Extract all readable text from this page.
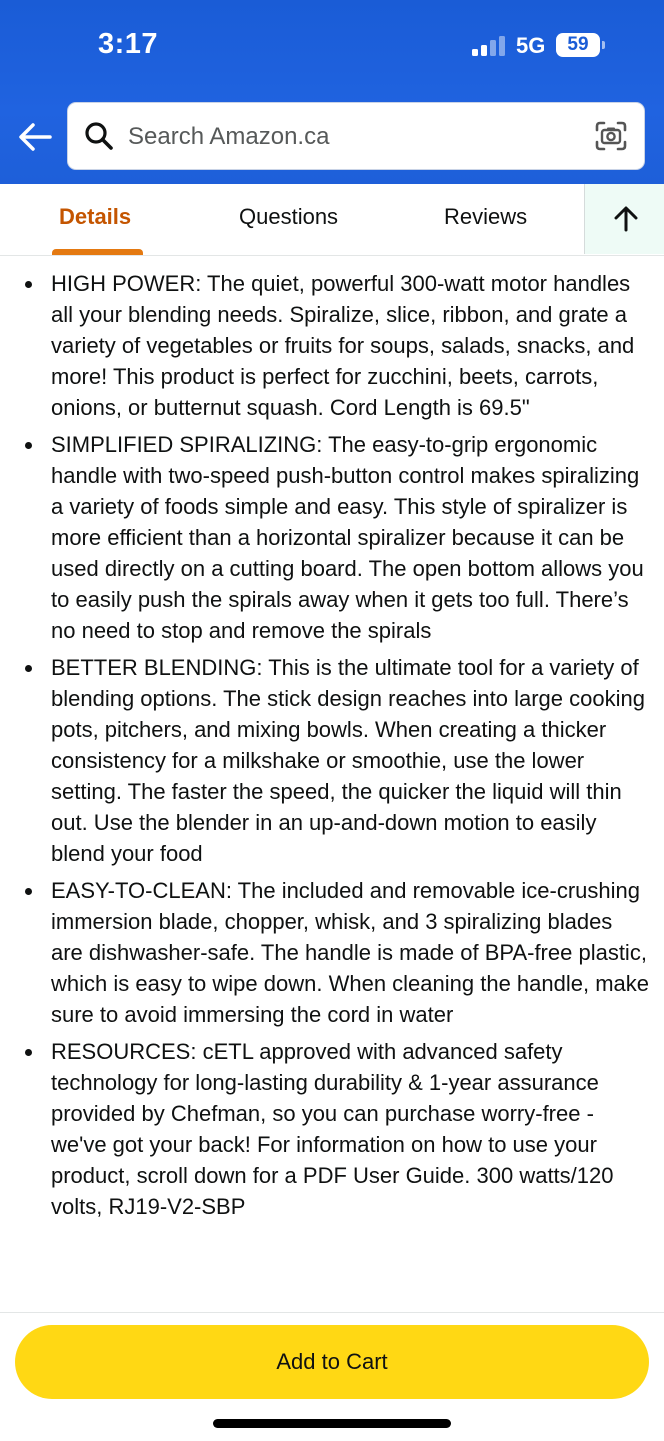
3:17	5G	59
Search Amazon.ca
Details	Questions	Reviews
HIGH POWER: The quiet, powerful 300-watt motor handles all your blending needs. Spiralize, slice, ribbon, and grate a variety of vegetables or fruits for soups, salads, snacks, and more! This product is perfect for zucchini, beets, carrots, onions, or butternut squash. Cord Length is 69.5"
SIMPLIFIED SPIRALIZING: The easy-to-grip ergonomic handle with two-speed push-button control makes spiralizing a variety of foods simple and easy. This style of spiralizer is more efficient than a horizontal spiralizer because it can be used directly on a cutting board. The open bottom allows you to easily push the spirals away when it gets too full. There’s no need to stop and remove the spirals
BETTER BLENDING: This is the ultimate tool for a variety of blending options. The stick design reaches into large cooking pots, pitchers, and mixing bowls. When creating a thicker consistency for a milkshake or smoothie, use the lower setting. The faster the speed, the quicker the liquid will thin out. Use the blender in an up-and-down motion to easily blend your food
EASY-TO-CLEAN: The included and removable ice-crushing immersion blade, chopper, whisk, and 3 spiralizing blades are dishwasher-safe. The handle is made of BPA-free plastic, which is easy to wipe down. When cleaning the handle, make sure to avoid immersing the cord in water
RESOURCES: cETL approved with advanced safety technology for long-lasting durability & 1-year assurance provided by Chefman, so you can purchase worry-free - we've got your back! For information on how to use your product, scroll down for a PDF User Guide. 300 watts/120 volts, RJ19-V2-SBP
Add to Cart
